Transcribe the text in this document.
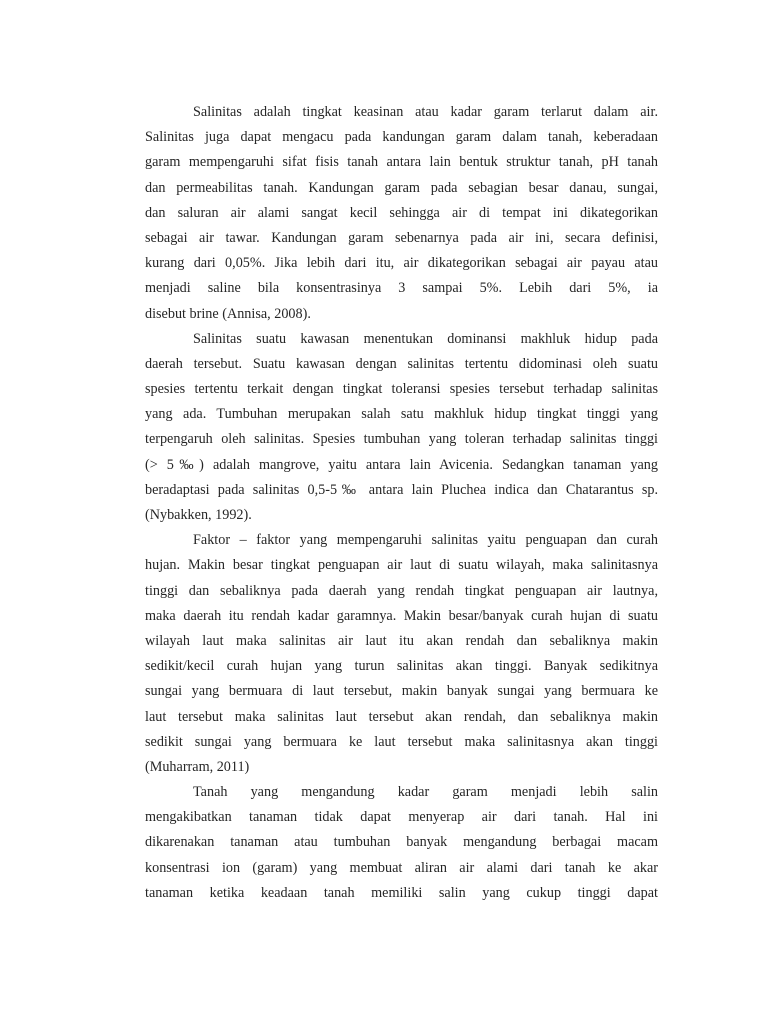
Salinitas adalah tingkat keasinan atau kadar garam terlarut dalam air.
Salinitas juga dapat mengacu pada kandungan garam dalam tanah, keberadaan
garam mempengaruhi sifat fisis tanah antara lain bentuk struktur tanah, pH tanah
dan permeabilitas tanah. Kandungan garam pada sebagian besar danau, sungai,
dan saluran air alami sangat kecil sehingga air di tempat ini dikategorikan
sebagai air tawar. Kandungan garam sebenarnya pada air ini, secara definisi,
kurang dari 0,05%. Jika lebih dari itu, air dikategorikan sebagai air payau atau
menjadi saline bila konsentrasinya 3 sampai 5%. Lebih dari 5%, ia
disebut brine (Annisa, 2008).
Salinitas suatu kawasan menentukan dominansi makhluk hidup pada
daerah tersebut. Suatu kawasan dengan salinitas tertentu didominasi oleh suatu
spesies tertentu terkait dengan tingkat toleransi spesies tersebut terhadap salinitas
yang ada. Tumbuhan merupakan salah satu makhluk hidup tingkat tinggi yang
terpengaruh oleh salinitas. Spesies tumbuhan yang toleran terhadap salinitas tinggi
(> 5‰) adalah mangrove, yaitu antara lain Avicenia. Sedangkan tanaman yang
beradaptasi pada salinitas 0,5-5‰ antara lain Pluchea indica dan Chatarantus sp.
(Nybakken, 1992).
Faktor – faktor yang mempengaruhi salinitas yaitu penguapan dan curah
hujan. Makin besar tingkat penguapan air laut di suatu wilayah, maka salinitasnya
tinggi dan sebaliknya pada daerah yang rendah tingkat penguapan air lautnya,
maka daerah itu rendah kadar garamnya. Makin besar/banyak curah hujan di suatu
wilayah laut maka salinitas air laut itu akan rendah dan sebaliknya makin
sedikit/kecil curah hujan yang turun salinitas akan tinggi. Banyak sedikitnya
sungai yang bermuara di laut tersebut, makin banyak sungai yang bermuara ke
laut tersebut maka salinitas laut tersebut akan rendah, dan sebaliknya makin
sedikit sungai yang bermuara ke laut tersebut maka salinitasnya akan tinggi
(Muharram, 2011)
Tanah yang mengandung kadar garam menjadi lebih salin
mengakibatkan tanaman tidak dapat menyerap air dari tanah. Hal ini
dikarenakan tanaman atau tumbuhan banyak mengandung berbagai macam
konsentrasi ion (garam) yang membuat aliran air alami dari tanah ke akar
tanaman ketika keadaan tanah memiliki salin yang cukup tinggi dapat
